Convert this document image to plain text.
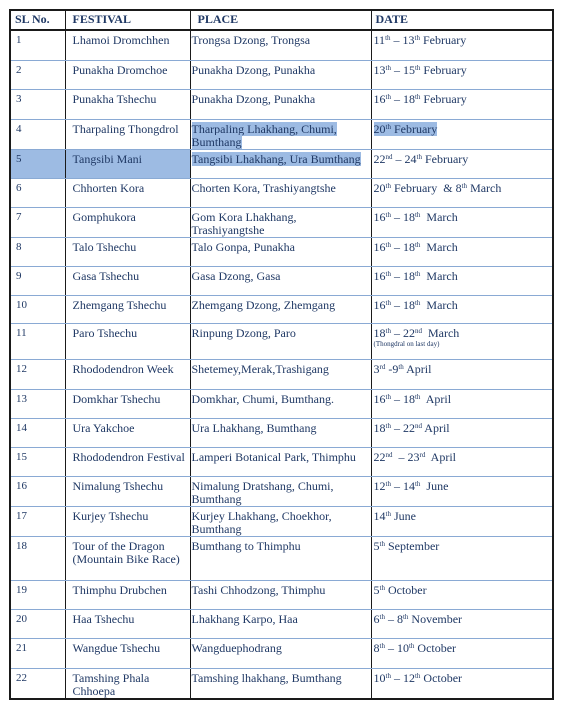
SL No.	FESTIVAL	PLACE	DATE
1	Lhamoi Dromchhen	Trongsa Dzong, Trongsa	11th – 13th February
2	Punakha Dromchoe	Punakha Dzong, Punakha	13th – 15th February
3	Punakha Tshechu	Punakha Dzong, Punakha	16th – 18th February
4	Tharpaling Thongdrol	Tharpaling Lhakhang, Chumi, Bumthang	20th February
5	Tangsibi Mani	Tangsibi Lhakhang, Ura Bumthang	22nd – 24th February
6	Chhorten Kora	Chorten Kora, Trashiyangtshe	20th February  & 8th March
7	Gomphukora	Gom Kora Lhakhang, Trashiyangtshe	16th – 18th  March
8	Talo Tshechu	Talo Gonpa, Punakha	16th – 18th  March
9	Gasa Tshechu	Gasa Dzong, Gasa	16th – 18th  March
10	Zhemgang Tshechu	Zhemgang Dzong, Zhemgang	16th – 18th  March
11	Paro Tshechu	Rinpung Dzong, Paro	18th – 22nd  March
(Thongdral on last day)

12	Rhododendron Week	Shetemey,Merak,Trashigang	3rd -9th April
13	Domkhar Tshechu	Domkhar, Chumi, Bumthang.	16th – 18th  April
14	Ura Yakchoe	Ura Lhakhang, Bumthang	18th – 22nd April
15	Rhododendron Festival	Lamperi Botanical Park, Thimphu	22nd  – 23rd  April
16	Nimalung Tshechu	Nimalung Dratshang, Chumi, Bumthang	12th – 14th  June
17	Kurjey Tshechu	Kurjey Lhakhang, Choekhor, Bumthang	14th June
18	Tour of the Dragon (Mountain Bike Race)	Bumthang to Thimphu	5th September
19	Thimphu Drubchen	Tashi Chhodzong, Thimphu	5th October
20	Haa Tshechu	Lhakhang Karpo, Haa	6th – 8th November
21	Wangdue Tshechu	Wangduephodrang	8th – 10th October
22	Tamshing Phala Chhoepa	Tamshing lhakhang, Bumthang	10th – 12th October
